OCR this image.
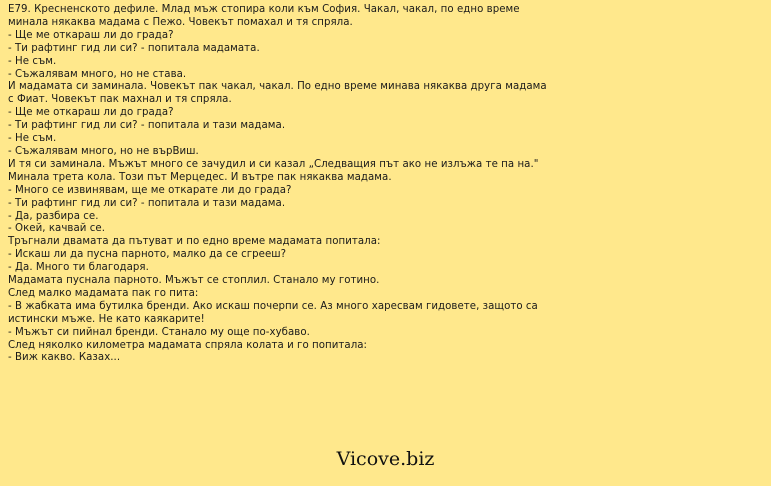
E79. Кресненското дефиле. Млад мъж стопира коли към София. Чакал, чакал, по едно време
минала някаква мадама с Пежо. Човекът помахал и тя спряла.
- Ще ме откараш ли до града?
- Ти рафтинг гид ли си? - попитала мадамата.
- Не съм.
- Съжалявам много, но не става.
И мадамата си заминала. Човекът пак чакал, чакал. По едно време минава някаква друга мадама
с Фиат. Човекът пак махнал и тя спряла.
- Ще ме откараш ли до града?
- Ти рафтинг гид ли си? - попитала и тази мадама.
- Не съм.
- Съжалявам много, но не върВиш.
И тя си заминала. Мъжът много се зачудил и си казал „Следващия път ако не излъжа те па на."
Минала трета кола. Този път Мерцедес. И вътре пак някаква мадама.
- Много се извинявам, ще ме откарате ли до града?
- Ти рафтинг гид ли си? - попитала и тази мадама.
- Да, разбира се.
- Окей, качвай се.
Тръгнали двамата да пътуват и по едно време мадамата попитала:
- Искаш ли да пусна парното, малко да се сгрееш?
- Да. Много ти благодаря.
Мадамата пуснала парното. Мъжът се стоплил. Станало му готино.
След малко мадамата пак го пита:
- В жабката има бутилка бренди. Ако искаш почерпи се. Аз много харесвам гидовете, защото са
истински мъже. Не като каякарите!
- Мъжът си пийнал бренди. Станало му още по-хубаво.
След няколко километра мадамата спряла колата и го попитала:
- Виж какво. Казах...
Vicove.biz
